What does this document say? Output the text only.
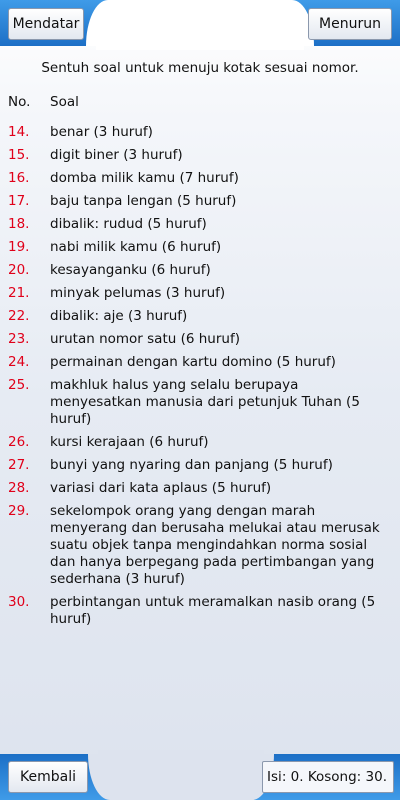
Mendatar	Menurun
Sentuh soal untuk menuju kotak sesuai nomor.
No. Soal
14.	benar (3 huruf)
15.	digit biner (3 huruf)
16.	domba milik kamu (7 huruf)
17.	baju tanpa lengan (5 huruf)
18.	dibalik: rudud (5 huruf)
19.	nabi milik kamu (6 huruf)
20.	kesayanganku (6 huruf)
21.	minyak pelumas (3 huruf)
22.	dibalik: aje (3 huruf)
23.	urutan nomor satu (6 huruf)
24.	permainan dengan kartu domino (5 huruf)
25.	makhluk halus yang selalu berupaya menyesatkan manusia dari petunjuk Tuhan (5 huruf)
26.	kursi kerajaan (6 huruf)
27.	bunyi yang nyaring dan panjang (5 huruf)
28.	variasi dari kata aplaus (5 huruf)
29.	sekelompok orang yang dengan marah menyerang dan berusaha melukai atau merusak suatu objek tanpa mengindahkan norma sosial dan hanya berpegang pada pertimbangan yang sederhana (3 huruf)
30.	perbintangan untuk meramalkan nasib orang (5 huruf)
Kembali	Isi: 0. Kosong: 30.
